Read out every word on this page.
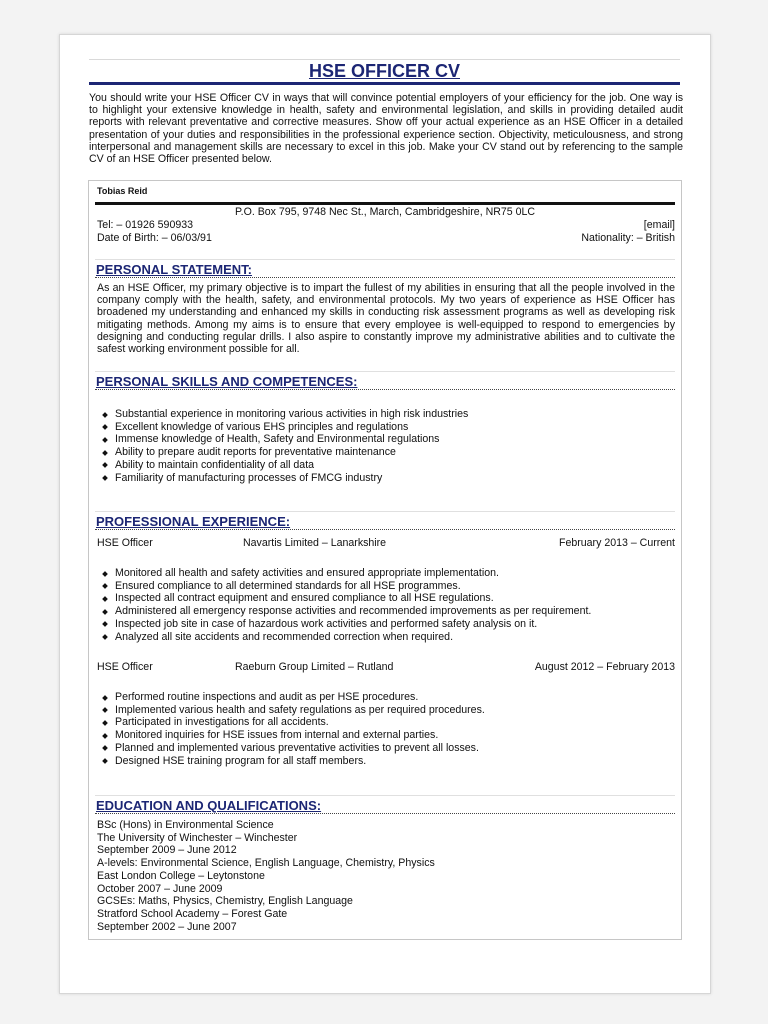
HSE OFFICER CV
You should write your HSE Officer CV in ways that will convince potential employers of your efficiency for the job. One way is to highlight your extensive knowledge in health, safety and environmental legislation, and skills in providing detailed audit reports with relevant preventative and corrective measures. Show off your actual experience as an HSE Officer in a detailed presentation of your duties and responsibilities in the professional experience section. Objectivity, meticulousness, and strong interpersonal and management skills are necessary to excel in this job. Make your CV stand out by referencing to the sample CV of an HSE Officer presented below.
Tobias Reid
P.O. Box 795, 9748 Nec St., March, Cambridgeshire, NR75 0LC
Tel: – 01926 590933	[email]
Date of Birth: – 06/03/91	Nationality: – British
PERSONAL STATEMENT:
As an HSE Officer, my primary objective is to impart the fullest of my abilities in ensuring that all the people involved in the company comply with the health, safety, and environmental protocols. My two years of experience as HSE Officer has broadened my understanding and enhanced my skills in conducting risk assessment programs as well as developing risk mitigating methods. Among my aims is to ensure that every employee is well-equipped to respond to emergencies by designing and conducting regular drills. I also aspire to constantly improve my administrative abilities and to cultivate the safest working environment possible for all.
PERSONAL SKILLS AND COMPETENCES:
Substantial experience in monitoring various activities in high risk industries
Excellent knowledge of various EHS principles and regulations
Immense knowledge of Health, Safety and Environmental regulations
Ability to prepare audit reports for preventative maintenance
Ability to maintain confidentiality of all data
Familiarity of manufacturing processes of FMCG industry
PROFESSIONAL EXPERIENCE:
HSE Officer	Navartis Limited – Lanarkshire	February 2013 – Current
Monitored all health and safety activities and ensured appropriate implementation.
Ensured compliance to all determined standards for all HSE programmes.
Inspected all contract equipment and ensured compliance to all HSE regulations.
Administered all emergency response activities and recommended improvements as per requirement.
Inspected job site in case of hazardous work activities and performed safety analysis on it.
Analyzed all site accidents and recommended correction when required.
HSE Officer	Raeburn Group Limited – Rutland	August 2012 – February 2013
Performed routine inspections and audit as per HSE procedures.
Implemented various health and safety regulations as per required procedures.
Participated in investigations for all accidents.
Monitored inquiries for HSE issues from internal and external parties.
Planned and implemented various preventative activities to prevent all losses.
Designed HSE training program for all staff members.
EDUCATION AND QUALIFICATIONS:
BSc (Hons) in Environmental Science
The University of Winchester – Winchester
September 2009 – June 2012
A-levels: Environmental Science, English Language, Chemistry, Physics
East London College – Leytonstone
October 2007 – June 2009
GCSEs: Maths, Physics, Chemistry, English Language
Stratford School Academy – Forest Gate
September 2002 – June 2007
